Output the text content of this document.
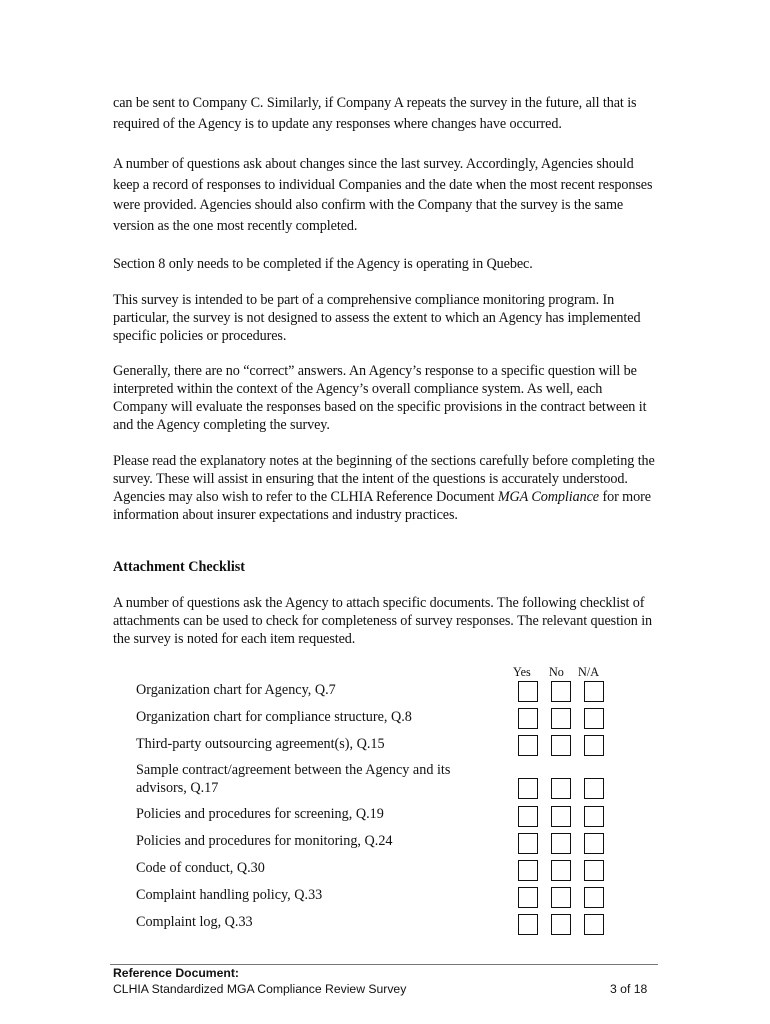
can be sent to Company C. Similarly, if Company A repeats the survey in the future, all that is required of the Agency is to update any responses where changes have occurred.

A number of questions ask about changes since the last survey. Accordingly, Agencies should keep a record of responses to individual Companies and the date when the most recent responses were provided. Agencies should also confirm with the Company that the survey is the same version as the one most recently completed.

Section 8 only needs to be completed if the Agency is operating in Quebec.

This survey is intended to be part of a comprehensive compliance monitoring program. In particular, the survey is not designed to assess the extent to which an Agency has implemented specific policies or procedures.

Generally, there are no “correct” answers. An Agency’s response to a specific question will be interpreted within the context of the Agency’s overall compliance system. As well, each Company will evaluate the responses based on the specific provisions in the contract between it and the Agency completing the survey.

Please read the explanatory notes at the beginning of the sections carefully before completing the survey. These will assist in ensuring that the intent of the questions is accurately understood. Agencies may also wish to refer to the CLHIA Reference Document MGA Compliance for more information about insurer expectations and industry practices.

Attachment Checklist

A number of questions ask the Agency to attach specific documents. The following checklist of attachments can be used to check for completeness of survey responses. The relevant question in the survey is noted for each item requested.

Yes No N/A

Organization chart for Agency, Q.7

Organization chart for compliance structure, Q.8

Third-party outsourcing agreement(s), Q.15

Sample contract/agreement between the Agency and its advisors, Q.17

Policies and procedures for screening, Q.19

Policies and procedures for monitoring, Q.24

Code of conduct, Q.30

Complaint handling policy, Q.33

Complaint log, Q.33

Reference Document:
CLHIA Standardized MGA Compliance Review Survey	3 of 18
